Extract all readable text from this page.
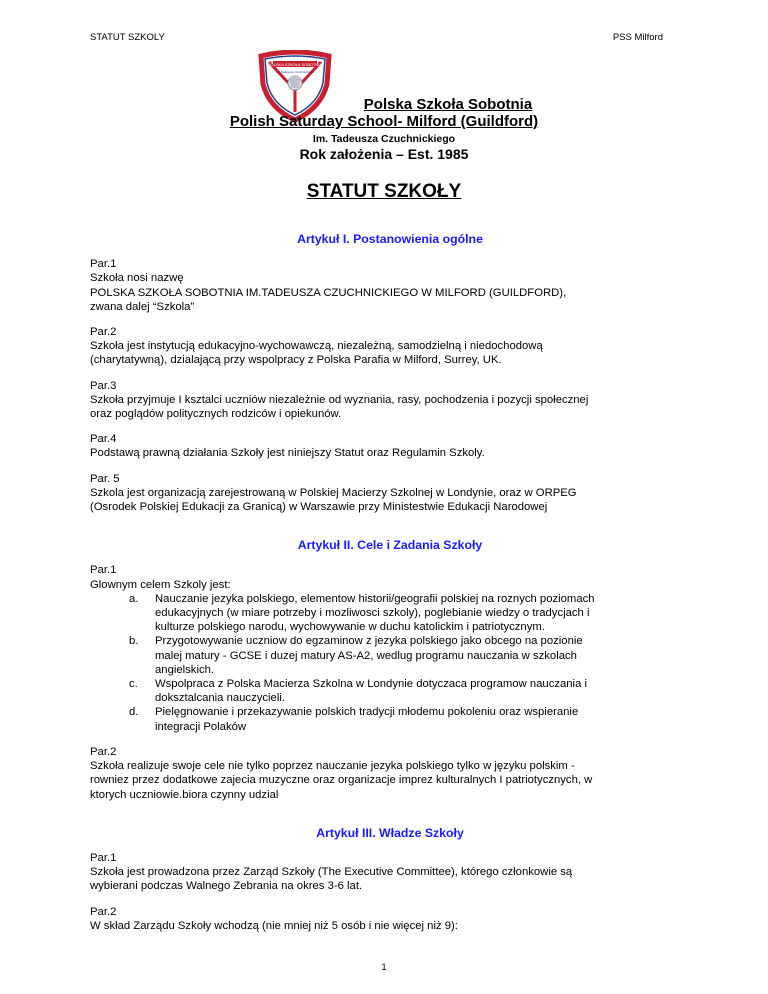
STATUT SZKOLY	PSS Milford
POLSKA SZKOŁA SOBOTNIA
im. Tadeusza Czuchnickiego
Polska Szkoła Sobotnia
Polish Saturday School- Milford (Guildford)
Im. Tadeusza Czuchnickiego
Rok założenia – Est. 1985
STATUT SZKOŁY
Artykuł I. Postanowienia ogólne

Par.1

Szkoła nosi nazwę

POLSKA SZKOŁA SOBOTNIA IM.TADEUSZA CZUCHNICKIEGO W MILFORD (GUILDFORD),

zwana dalej “Szkola”

Par.2

Szkoła jest instytucją edukacyjno-wychowawczą, niezależną, samodzielną i niedochodową

(charytatywną), dzialającą przy wspolpracy z Polska Parafia w Milford, Surrey, UK.

Par.3

Szkoła przyjmuje I ksztalci uczniów niezależnie od wyznania, rasy, pochodzenia i pozycji społecznej

oraz poglądów politycznych rodziców i opiekunów.

Par.4

Podstawą prawną działania Szkoły jest niniejszy Statut oraz Regulamin Szkoly.

Par. 5

Szkola jest organizacją zarejestrowaną w Polskiej Macierzy Szkolnej w Londynie, oraz w ORPEG

(Osrodek Polskiej Edukacji za Granicą) w Warszawie przy Ministestwie Edukacji Narodowej

Artykuł II. Cele i Zadania Szkoły

Par.1

Glownym celem Szkoly jest:

a. Nauczanie jezyka polskiego, elementow historii/geografii polskiej na roznych poziomach
edukacyjnych (w miare potrzeby i mozliwosci szkoly), poglebianie wiedzy o tradycjach i
kulturze polskiego narodu, wychowywanie w duchu katolickim i patriotycznym.
b. Przygotowywanie uczniow do egzaminow z jezyka polskiego jako obcego na pozionie
malej matury - GCSE i duzej matury AS-A2, wedlug programu nauczania w szkolach
angielskich.
c. Wspolpraca z Polska Macierza Szkolna w Londynie dotyczaca programow nauczania i
doksztalcania nauczycieli.
d. Pielęgnowanie i przekazywanie polskich tradycji młodemu pokoleniu oraz wspieranie
integracji Polaków

Par.2

Szkoła realizuje swoje cele nie tylko poprzez nauczanie jezyka polskiego tylko w języku polskim -

rowniez przez dodatkowe zajecia muzyczne oraz organizacje imprez kulturalnych I patriotycznych, w

ktorych uczniowie.biora czynny udzial

Artykuł III. Władze Szkoły

Par.1

Szkoła jest prowadzona przez Zarząd Szkoły (The Executive Committee), którego członkowie są

wybierani podczas Walnego Zebrania na okres 3-6 lat.

Par.2

W skład Zarządu Szkoły wchodzą (nie mniej niż 5 osób i nie więcej niż 9):

1
